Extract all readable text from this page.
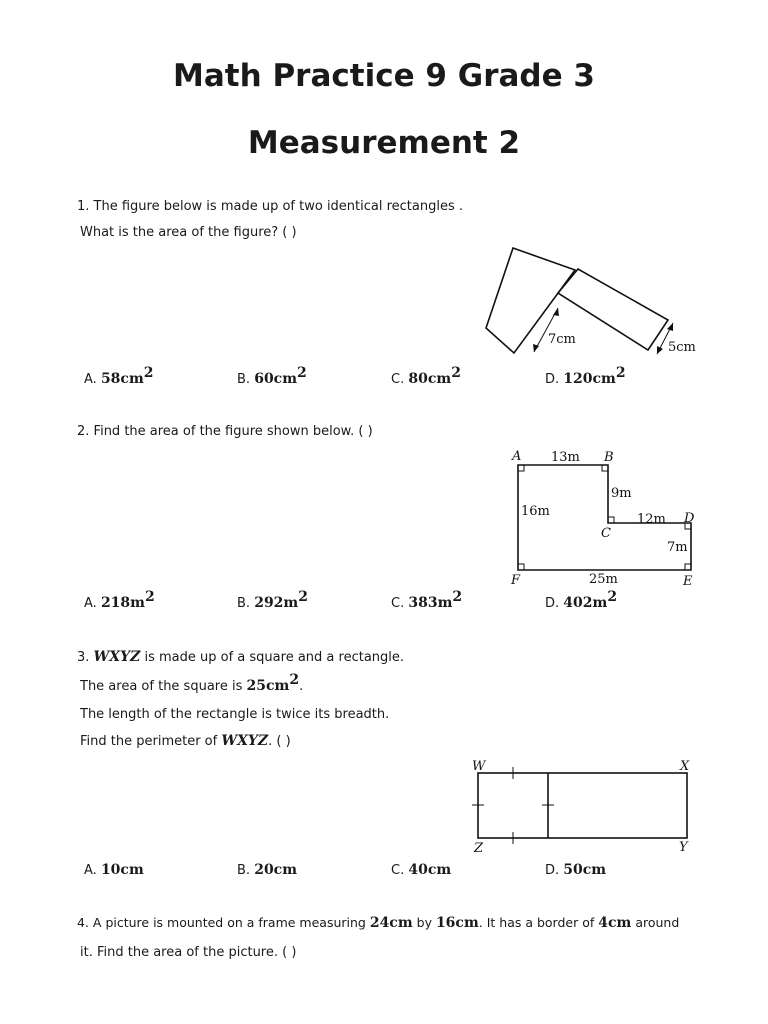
Math Practice 9 Grade 3
Measurement 2
1. The figure below is made up of two identical rectangles .
What is the area of the figure? ( )
7cm
5cm
A. $58cm^2$	B. $60cm^2$	C. $80cm^2$	D. $120cm^2$
2. Find the area of the figure shown below. ( )
A	B
C
D
E
F
13m
9m
16m
12m
7m
25m
A. $218m^2$	B. $292m^2$	C. $383m^2$	D. $402m^2$
3. WXYZ is made up of a square and a rectangle.
The area of the square is $25cm^2$.
The length of the rectangle is twice its breadth.
Find the perimeter of WXYZ. ( )
W	X
Y
Z
A. 10cm	B. 20cm	C. 40cm	D. 50cm
4. A picture is mounted on a frame measuring 24cm by 16cm. It has a border of 4cm around
it. Find the area of the picture. ( )
